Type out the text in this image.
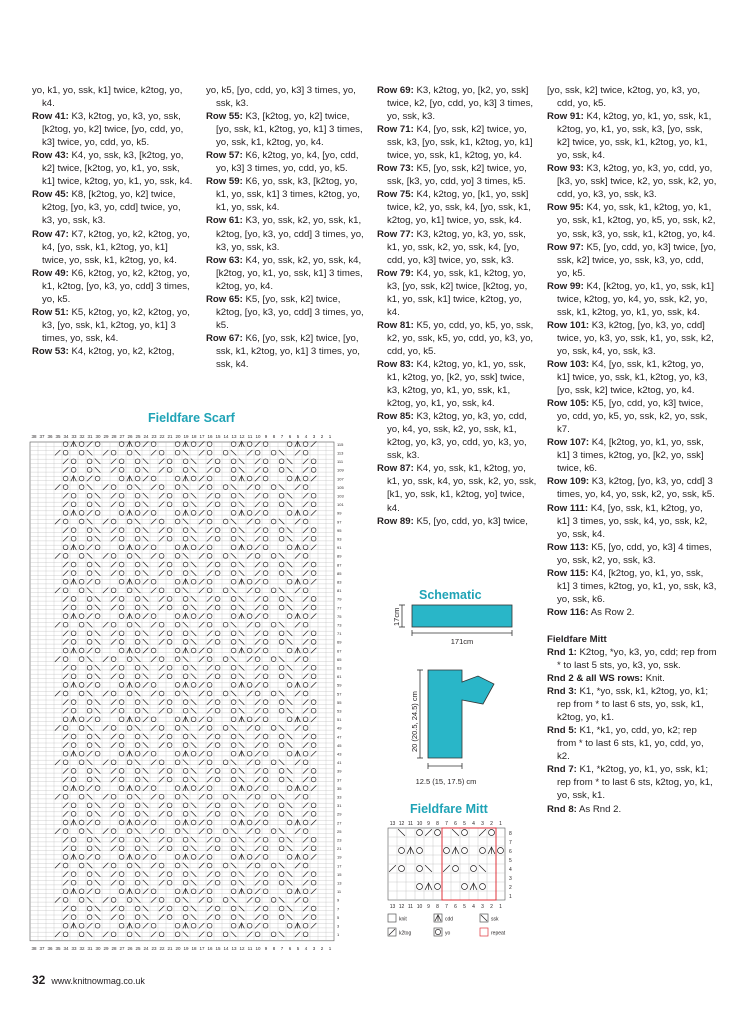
yo, k1, yo, ssk, k1] twice, k2tog, yo, k4.
Row 41: K3, k2tog, yo, k3, yo, ssk, [k2tog, yo, k2] twice, [yo, cdd, yo, k3] twice, yo, cdd, yo, k5.
Row 43: K4, yo, ssk, k3, [k2tog, yo, k2] twice, [k2tog, yo, k1, yo, ssk, k1] twice, k2tog, yo, k1, yo, ssk, k4.
Row 45: K8, [k2tog, yo, k2] twice, k2tog, [yo, k3, yo, cdd] twice, yo, k3, yo, ssk, k3.
Row 47: K7, k2tog, yo, k2, k2tog, yo, k4, [yo, ssk, k1, k2tog, yo, k1] twice, yo, ssk, k1, k2tog, yo, k4.
Row 49: K6, k2tog, yo, k2, k2tog, yo, k1, k2tog, [yo, k3, yo, cdd] 3 times, yo, k5.
Row 51: K5, k2tog, yo, k2, k2tog, yo, k3, [yo, ssk, k1, k2tog, yo, k1] 3 times, yo, ssk, k4.
Row 53: K4, k2tog, yo, k2, k2tog,
yo, k5, [yo, cdd, yo, k3] 3 times, yo, ssk, k3.
Row 55: K3, [k2tog, yo, k2] twice, [yo, ssk, k1, k2tog, yo, k1] 3 times, yo, ssk, k1, k2tog, yo, k4.
Row 57: K6, k2tog, yo, k4, [yo, cdd, yo, k3] 3 times, yo, cdd, yo, k5.
Row 59: K6, yo, ssk, k3, [k2tog, yo, k1, yo, ssk, k1] 3 times, k2tog, yo, k1, yo, ssk, k4.
Row 61: K3, yo, ssk, k2, yo, ssk, k1, k2tog, [yo, k3, yo, cdd] 3 times, yo, k3, yo, ssk, k3.
Row 63: K4, yo, ssk, k2, yo, ssk, k4, [k2tog, yo, k1, yo, ssk, k1] 3 times, k2tog, yo, k4.
Row 65: K5, [yo, ssk, k2] twice, k2tog, [yo, k3, yo, cdd] 3 times, yo, k5.
Row 67: K6, [yo, ssk, k2] twice, [yo, ssk, k1, k2tog, yo, k1] 3 times, yo, ssk, k4.
Row 69: K3, k2tog, yo, [k2, yo, ssk] twice, k2, [yo, cdd, yo, k3] 3 times, yo, ssk, k3.
Row 71: K4, [yo, ssk, k2] twice, yo, ssk, k3, [yo, ssk, k1, k2tog, yo, k1] twice, yo, ssk, k1, k2tog, yo, k4.
Row 73: K5, [yo, ssk, k2] twice, yo, ssk, [k3, yo, cdd, yo] 3 times, k5.
Row 75: K4, k2tog, yo, [k1, yo, ssk] twice, k2, yo, ssk, k4, [yo, ssk, k1, k2tog, yo, k1] twice, yo, ssk, k4.
Row 77: K3, k2tog, yo, k3, yo, ssk, k1, yo, ssk, k2, yo, ssk, k4, [yo, cdd, yo, k3] twice, yo, ssk, k3.
Row 79: K4, yo, ssk, k1, k2tog, yo, k3, [yo, ssk, k2] twice, [k2tog, yo, k1, yo, ssk, k1] twice, k2tog, yo, k4.
Row 81: K5, yo, cdd, yo, k5, yo, ssk, k2, yo, ssk, k5, yo, cdd, yo, k3, yo, cdd, yo, k5.
Row 83: K4, k2tog, yo, k1, yo, ssk, k1, k2tog, yo, [k2, yo, ssk] twice, k3, k2tog, yo, k1, yo, ssk, k1, k2tog, yo, k1, yo, ssk, k4.
Row 85: K3, k2tog, yo, k3, yo, cdd, yo, k4, yo, ssk, k2, yo, ssk, k1, k2tog, yo, k3, yo, cdd, yo, k3, yo, ssk, k3.
Row 87: K4, yo, ssk, k1, k2tog, yo, k1, yo, ssk, k4, yo, ssk, k2, yo, ssk, [k1, yo, ssk, k1, k2tog, yo] twice, k4.
Row 89: K5, [yo, cdd, yo, k3] twice,
[yo, ssk, k2] twice, k2tog, yo, k3, yo, cdd, yo, k5.
Row 91: K4, k2tog, yo, k1, yo, ssk, k1, k2tog, yo, k1, yo, ssk, k3, [yo, ssk, k2] twice, yo, ssk, k1, k2tog, yo, k1, yo, ssk, k4.
Row 93: K3, k2tog, yo, k3, yo, cdd, yo, [k3, yo, ssk] twice, k2, yo, ssk, k2, yo, cdd, yo, k3, yo, ssk, k3.
Row 95: K4, yo, ssk, k1, k2tog, yo, k1, yo, ssk, k1, k2tog, yo, k5, yo, ssk, k2, yo, ssk, k3, yo, ssk, k1, k2tog, yo, k4.
Row 97: K5, [yo, cdd, yo, k3] twice, [yo, ssk, k2] twice, yo, ssk, k3, yo, cdd, yo, k5.
Row 99: K4, [k2tog, yo, k1, yo, ssk, k1] twice, k2tog, yo, k4, yo, ssk, k2, yo, ssk, k1, k2tog, yo, k1, yo, ssk, k4.
Row 101: K3, k2tog, [yo, k3, yo, cdd] twice, yo, k3, yo, ssk, k1, yo, ssk, k2, yo, ssk, k4, yo, ssk, k3.
Row 103: K4, [yo, ssk, k1, k2tog, yo, k1] twice, yo, ssk, k1, k2tog, yo, k3, [yo, ssk, k2] twice, k2tog, yo, k4.
Row 105: K5, [yo, cdd, yo, k3] twice, yo, cdd, yo, k5, yo, ssk, k2, yo, ssk, k7.
Row 107: K4, [k2tog, yo, k1, yo, ssk, k1] 3 times, k2tog, yo, [k2, yo, ssk] twice, k6.
Row 109: K3, k2tog, [yo, k3, yo, cdd] 3 times, yo, k4, yo, ssk, k2, yo, ssk, k5.
Row 111: K4, [yo, ssk, k1, k2tog, yo, k1] 3 times, yo, ssk, k4, yo, ssk, k2, yo, ssk, k4.
Row 113: K5, [yo, cdd, yo, k3] 4 times, yo, ssk, k2, yo, ssk, k3.
Row 115: K4, [k2tog, yo, k1, yo, ssk, k1] 3 times, k2tog, yo, k1, yo, ssk, k3, yo, ssk, k6.
Row 116: As Row 2.
Fieldfare Mitt
Rnd 1: K2tog, *yo, k3, yo, cdd; rep from * to last 5 sts, yo, k3, yo, ssk.
Rnd 2 & all WS rows: Knit.
Rnd 3: K1, *yo, ssk, k1, k2tog, yo, k1; rep from * to last 6 sts, yo, ssk, k1, k2tog, yo, k1.
Rnd 5: K1, *k1, yo, cdd, yo, k2; rep from * to last 6 sts, k1, yo, cdd, yo, k2.
Rnd 7: K1, *k2tog, yo, k1, yo, ssk, k1; rep from * to last 6 sts, k2tog, yo, k1, yo, ssk, k1.
Rnd 8: As Rnd 2.
Fieldfare Scarf
38
38
37
37
36
36
35
35
34
34
33
33
32
32
31
31
30
30
29
29
28
28
27
27
26
26
25
25
24
24
23
23
22
22
21
21
20
20
19
19
18
18
17
17
16
16
15
15
14
14
13
13
12
12
11
11
10
10
9
9
8
8
7
7
6
6
5
5
4
4
3
3
2
2
1
1
115
113
111
109
107
105
103
101
99
97
95
93
91
89
87
85
83
81
79
77
75
73
71
69
67
65
63
61
59
57
55
53
51
49
47
45
43
41
39
37
35
33
31
29
27
25
23
21
19
17
15
13
11
9
7
5
3
1
Schematic
17cm
171cm
20 (20.5, 24.5) cm
12.5 (15, 17.5) cm
Fieldfare Mitt
13
13
12
12
11
11
10
10
9
9
8
8
7
7
6
6
5
5
4
4
3
3
2
2
1
1
8
7
6
5
4
3
2
1
knit
k2tog
cdd
yo
ssk
repeat
32 www.knitnowmag.co.uk
